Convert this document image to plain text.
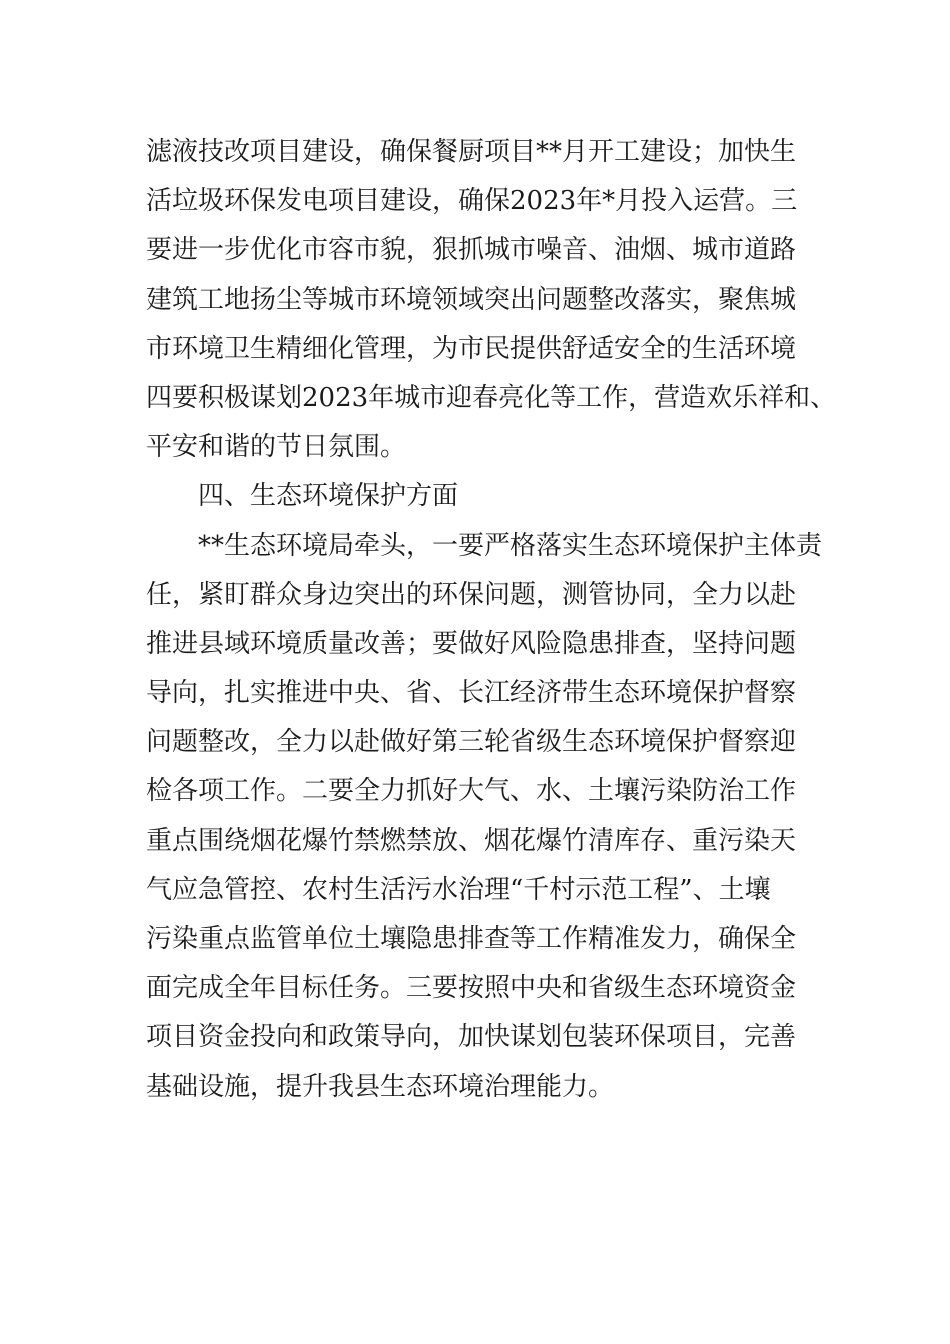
滤液技改项目建设，确保餐厨项目**月开工建设；加快生
活垃圾环保发电项目建设，确保2023年*月投入运营。三
要进一步优化市容市貌，狠抓城市噪音、油烟、城市道路
建筑工地扬尘等城市环境领域突出问题整改落实，聚焦城
市环境卫生精细化管理，为市民提供舒适安全的生活环境
四要积极谋划2023年城市迎春亮化等工作，营造欢乐祥和、
平安和谐的节日氛围。
四、生态环境保护方面
**生态环境局牵头，一要严格落实生态环境保护主体责
任，紧盯群众身边突出的环保问题，测管协同，全力以赴
推进县域环境质量改善；要做好风险隐患排查，坚持问题
导向，扎实推进中央、省、长江经济带生态环境保护督察
问题整改，全力以赴做好第三轮省级生态环境保护督察迎
检各项工作。二要全力抓好大气、水、土壤污染防治工作
重点围绕烟花爆竹禁燃禁放、烟花爆竹清库存、重污染天
气应急管控、农村生活污水治理“千村示范工程”、土壤
污染重点监管单位土壤隐患排查等工作精准发力，确保全
面完成全年目标任务。三要按照中央和省级生态环境资金
项目资金投向和政策导向，加快谋划包装环保项目，完善
基础设施，提升我县生态环境治理能力。
